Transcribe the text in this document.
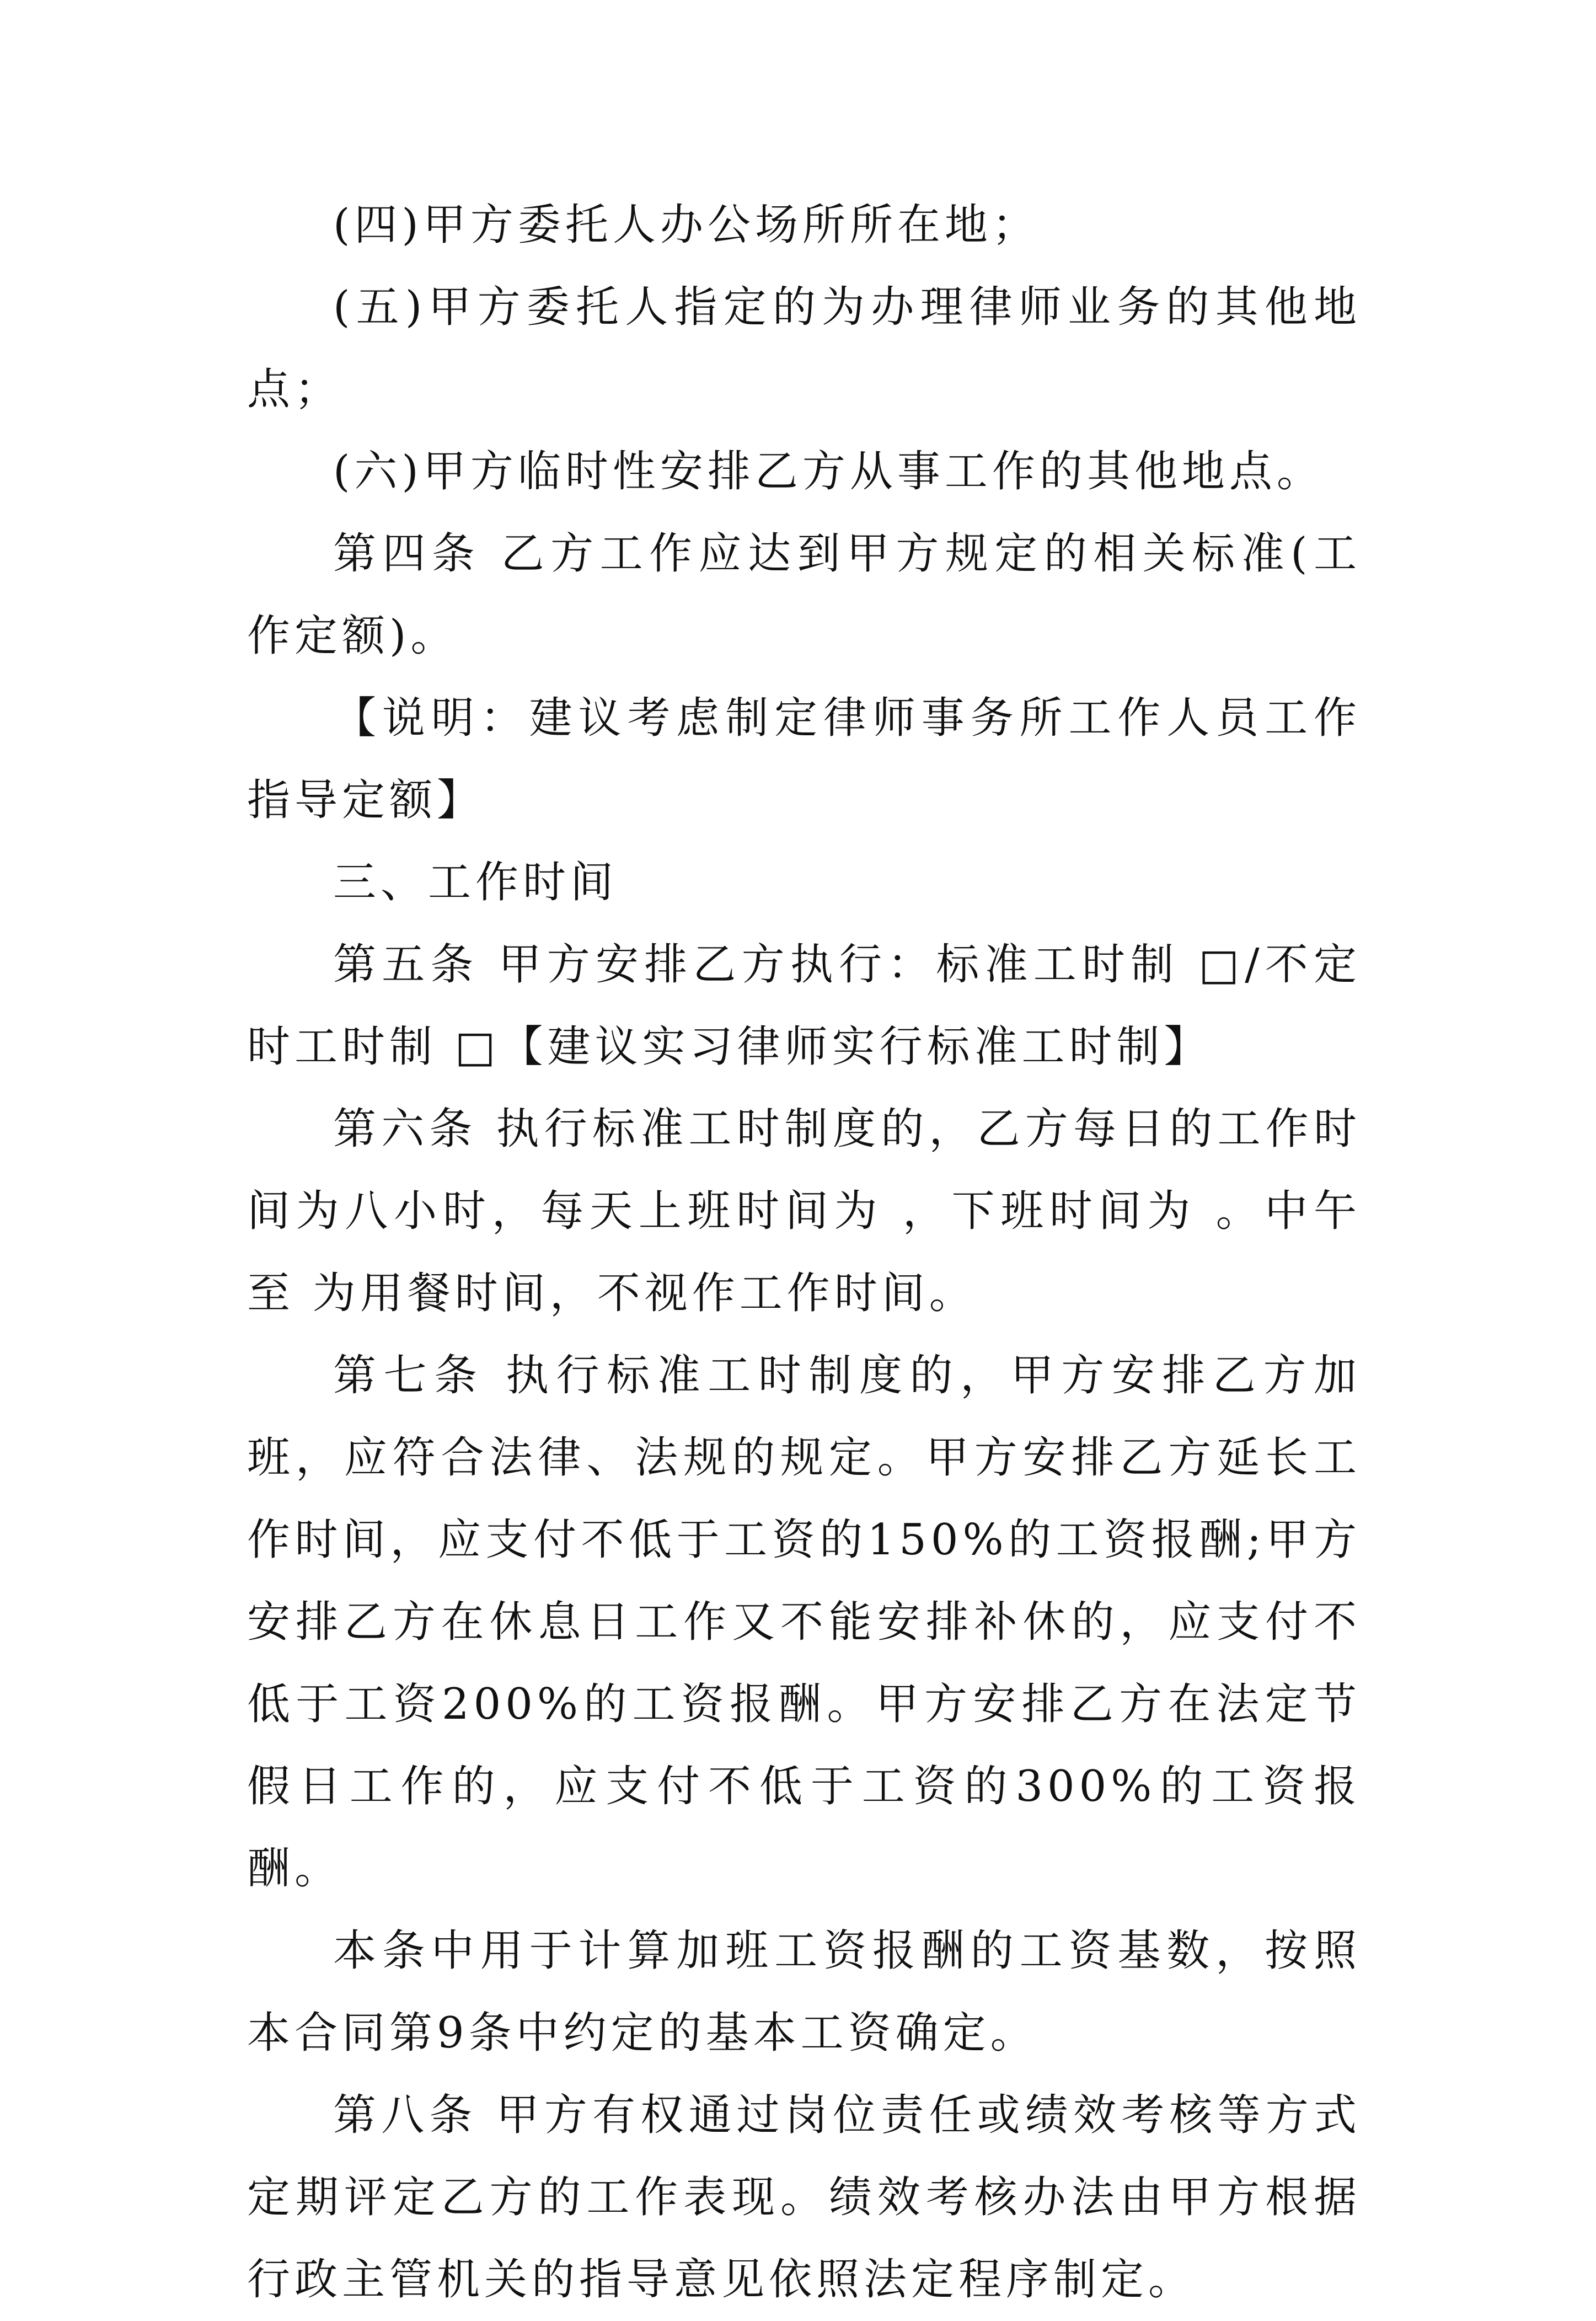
(四)甲方委托人办公场所所在地；

(五)甲方委托人指定的为办理律师业务的其他地点；

(六)甲方临时性安排乙方从事工作的其他地点。

第四条 乙方工作应达到甲方规定的相关标准(工作定额)。

【说明：建议考虑制定律师事务所工作人员工作指导定额】

三、工作时间

第五条 甲方安排乙方执行：标准工时制 □/不定时工时制 □【建议实习律师实行标准工时制】

第六条 执行标准工时制度的，乙方每日的工作时间为八小时，每天上班时间为 ，下班时间为 。中午 至 为用餐时间，不视作工作时间。

第七条 执行标准工时制度的，甲方安排乙方加班，应符合法律、法规的规定。甲方安排乙方延长工作时间，应支付不低于工资的150%的工资报酬;甲方安排乙方在休息日工作又不能安排补休的，应支付不低于工资200%的工资报酬。甲方安排乙方在法定节假日工作的，应支付不低于工资的300%的工资报酬。

本条中用于计算加班工资报酬的工资基数，按照本合同第9条中约定的基本工资确定。

第八条 甲方有权通过岗位责任或绩效考核等方式定期评定乙方的工作表现。绩效考核办法由甲方根据行政主管机关的指导意见依照法定程序制定。
